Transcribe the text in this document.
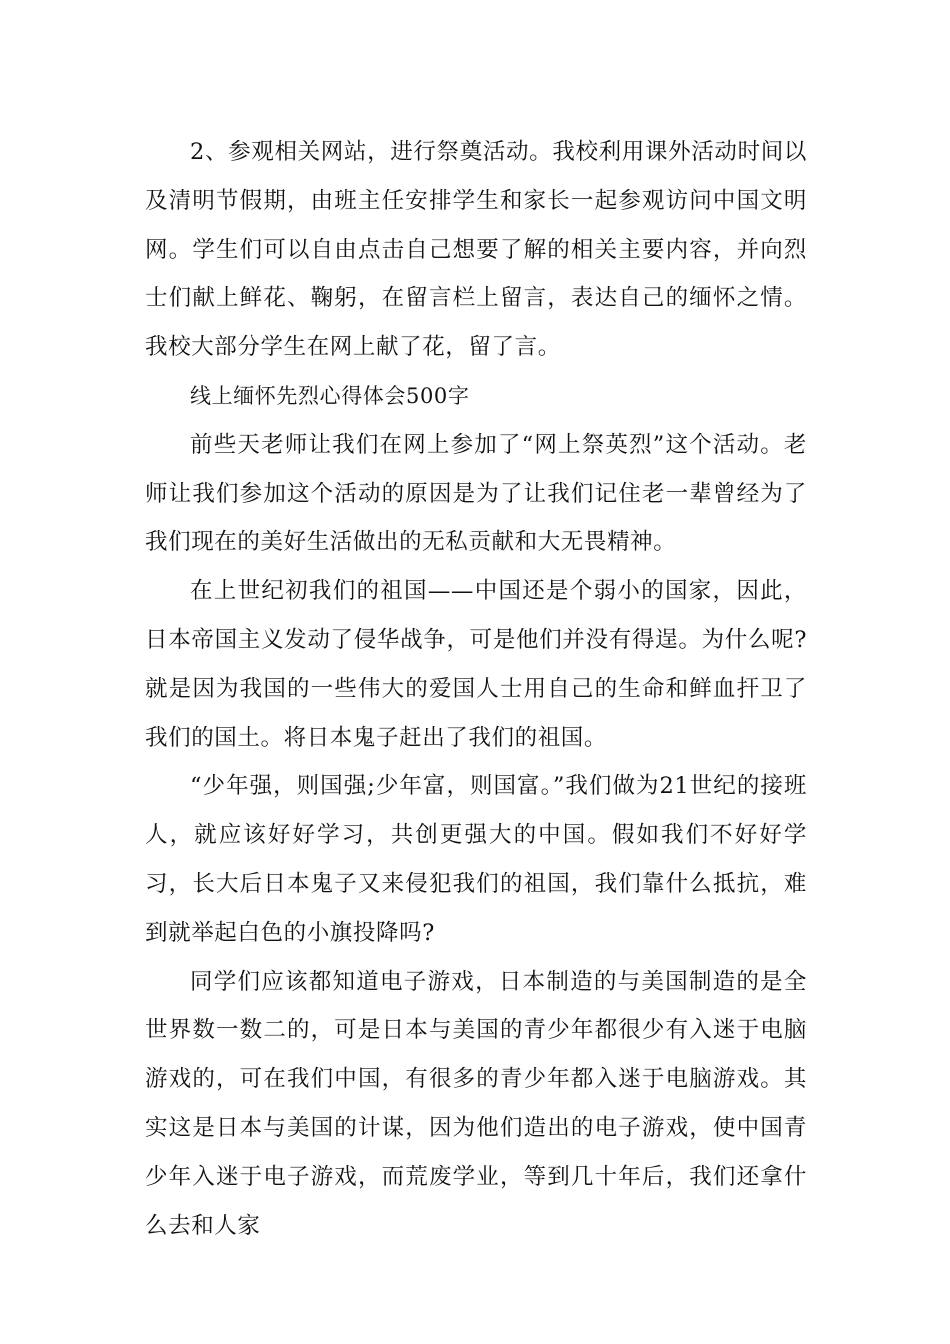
2、参观相关网站，进行祭奠活动。我校利用课外活动时间以及清明节假期，由班主任安排学生和家长一起参观访问中国文明网。学生们可以自由点击自己想要了解的相关主要内容，并向烈士们献上鲜花、鞠躬，在留言栏上留言，表达自己的缅怀之情。我校大部分学生在网上献了花，留了言。

线上缅怀先烈心得体会500字

前些天老师让我们在网上参加了“网上祭英烈”这个活动。老师让我们参加这个活动的原因是为了让我们记住老一辈曾经为了我们现在的美好生活做出的无私贡献和大无畏精神。

在上世纪初我们的祖国——中国还是个弱小的国家，因此，日本帝国主义发动了侵华战争，可是他们并没有得逞。为什么呢?就是因为我国的一些伟大的爱国人士用自己的生命和鲜血扞卫了我们的国土。将日本鬼子赶出了我们的祖国。

“少年强，则国强;少年富，则国富。”我们做为21世纪的接班人，就应该好好学习，共创更强大的中国。假如我们不好好学习，长大后日本鬼子又来侵犯我们的祖国，我们靠什么抵抗，难到就举起白色的小旗投降吗?

同学们应该都知道电子游戏，日本制造的与美国制造的是全世界数一数二的，可是日本与美国的青少年都很少有入迷于电脑游戏的，可在我们中国，有很多的青少年都入迷于电脑游戏。其实这是日本与美国的计谋，因为他们造出的电子游戏，使中国青少年入迷于电子游戏，而荒废学业，等到几十年后，我们还拿什么去和人家
